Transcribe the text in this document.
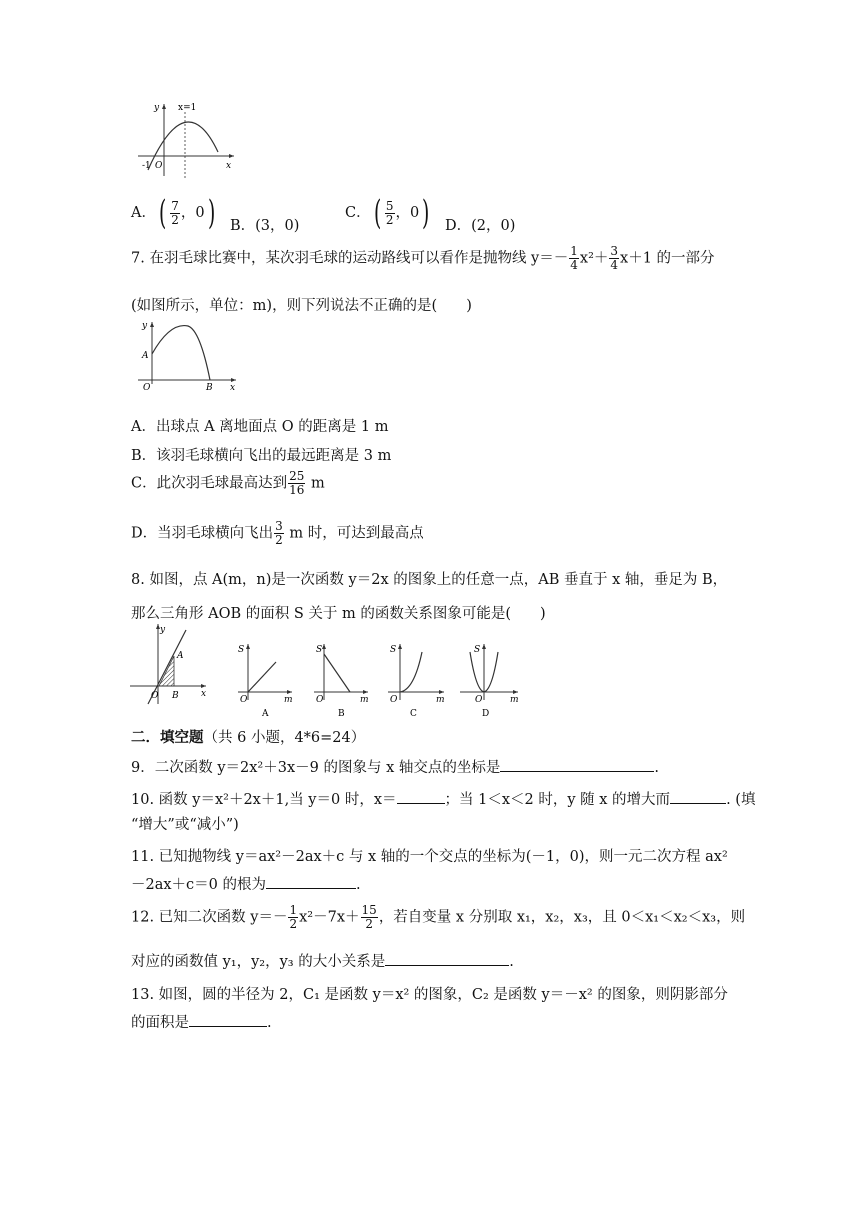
y x=1
-1 O	x
A．( $\frac{7}{2}$ ，0) B．(3，0)
C．( $\frac{5}{2}$ ，0) D．(2，0)
7. 在羽毛球比赛中，某次羽毛球的运动路线可以看作是抛物线 $y=- \frac{1}{4} x^2+ \frac{3}{4} x+1$ 的一部分
(如图所示，单位：m)，则下列说法不正确的是(　　)
y
A
O	B x
A．出球点 A 离地面点 O 的距离是 1 m
B．该羽毛球横向飞出的最远距离是 3 m
C．此次羽毛球最高达到 $\frac{25}{16}$ m
D．当羽毛球横向飞出 $\frac{3}{2}$ m 时，可达到最高点
8. 如图，点 A(m，n)是一次函数 y＝2x 的图象上的任意一点，AB 垂直于 x 轴，垂足为 B，
那么三角形 AOB 的面积 S 关于 m 的函数关系图象可能是(　　)
y
A
O B x
S
O	m
A
S
O	m
B
S
O	m
C
S
O	m
D
二．填空题（共 6 小题，4*6=24）
9．二次函数 y＝2x²＋3x－9 的图象与 x 轴交点的坐标是	.
10. 函数 y＝x²＋2x＋1,当 y＝0 时，x＝	；当 1＜x＜2 时，y 随 x 的增大而	. (填
“增大”或“减小”)
11. 已知抛物线 y＝ax²－2ax＋c 与 x 轴的一个交点的坐标为(－1，0)，则一元二次方程 ax²
－2ax＋c＝0 的根为	.
12. 已知二次函数 $y=- \frac{1}{2} x^2-7x+ \frac{15}{2}$ ，若自变量 x 分别取 x₁，x₂，x₃，且 0＜x₁＜x₂＜x₃，则
对应的函数值 y₁，y₂，y₃ 的大小关系是	.
13. 如图，圆的半径为 2，C₁ 是函数 y＝x² 的图象，C₂ 是函数 y＝－x² 的图象，则阴影部分
的面积是	.
